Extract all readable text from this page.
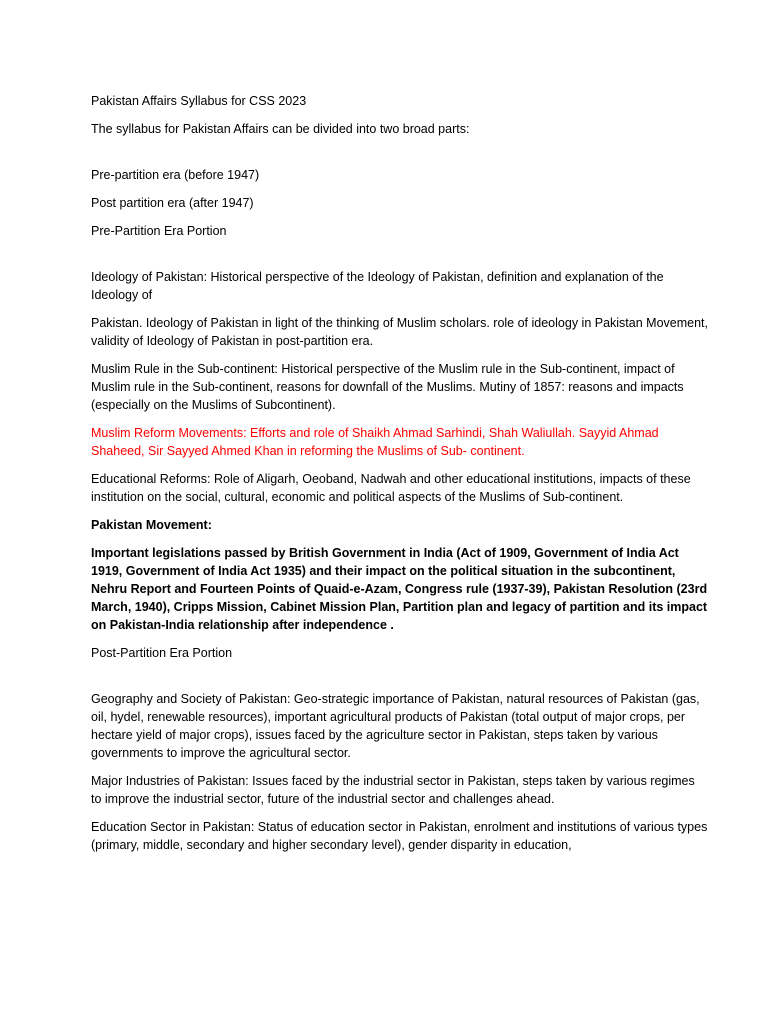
Pakistan Affairs Syllabus for CSS 2023

The syllabus for Pakistan Affairs can be divided into two broad parts:

Pre-partition era (before 1947)

Post partition era (after 1947)

Pre-Partition Era Portion

Ideology of Pakistan: Historical perspective of the Ideology of Pakistan, definition and explanation of the Ideology of

Pakistan. Ideology of Pakistan in light of the thinking of Muslim scholars. role of ideology in Pakistan Movement, validity of Ideology of Pakistan in post-partition era.

Muslim Rule in the Sub-continent: Historical perspective of the Muslim rule in the Sub-continent, impact of Muslim rule in the Sub-continent, reasons for downfall of the Muslims. Mutiny of 1857: reasons and impacts (especially on the Muslims of Subcontinent).

Muslim Reform Movements: Efforts and role of Shaikh Ahmad Sarhindi, Shah Waliullah. Sayyid Ahmad Shaheed, Sir Sayyed Ahmed Khan in reforming the Muslims of Sub- continent.

Educational Reforms: Role of Aligarh, Oeoband, Nadwah and other educational institutions, impacts of these institution on the social, cultural, economic and political aspects of the Muslims of Sub-continent.

Pakistan Movement:

Important legislations passed by British Government in India (Act of 1909, Government of India Act 1919, Government of India Act 1935) and their impact on the political situation in the subcontinent, Nehru Report and Fourteen Points of Quaid-e-Azam, Congress rule (1937-39), Pakistan Resolution (23rd March, 1940), Cripps Mission, Cabinet Mission Plan, Partition plan and legacy of partition and its impact on Pakistan-India relationship after independence .

Post-Partition Era Portion

Geography and Society of Pakistan: Geo-strategic importance of Pakistan, natural resources of Pakistan (gas, oil, hydel, renewable resources), important agricultural products of Pakistan (total output of major crops, per hectare yield of major crops), issues faced by the agriculture sector in Pakistan, steps taken by various governments to improve the agricultural sector.

Major Industries of Pakistan: Issues faced by the industrial sector in Pakistan, steps taken by various regimes to improve the industrial sector, future of the industrial sector and challenges ahead.

Education Sector in Pakistan: Status of education sector in Pakistan, enrolment and institutions of various types (primary, middle, secondary and higher secondary level), gender disparity in education,
